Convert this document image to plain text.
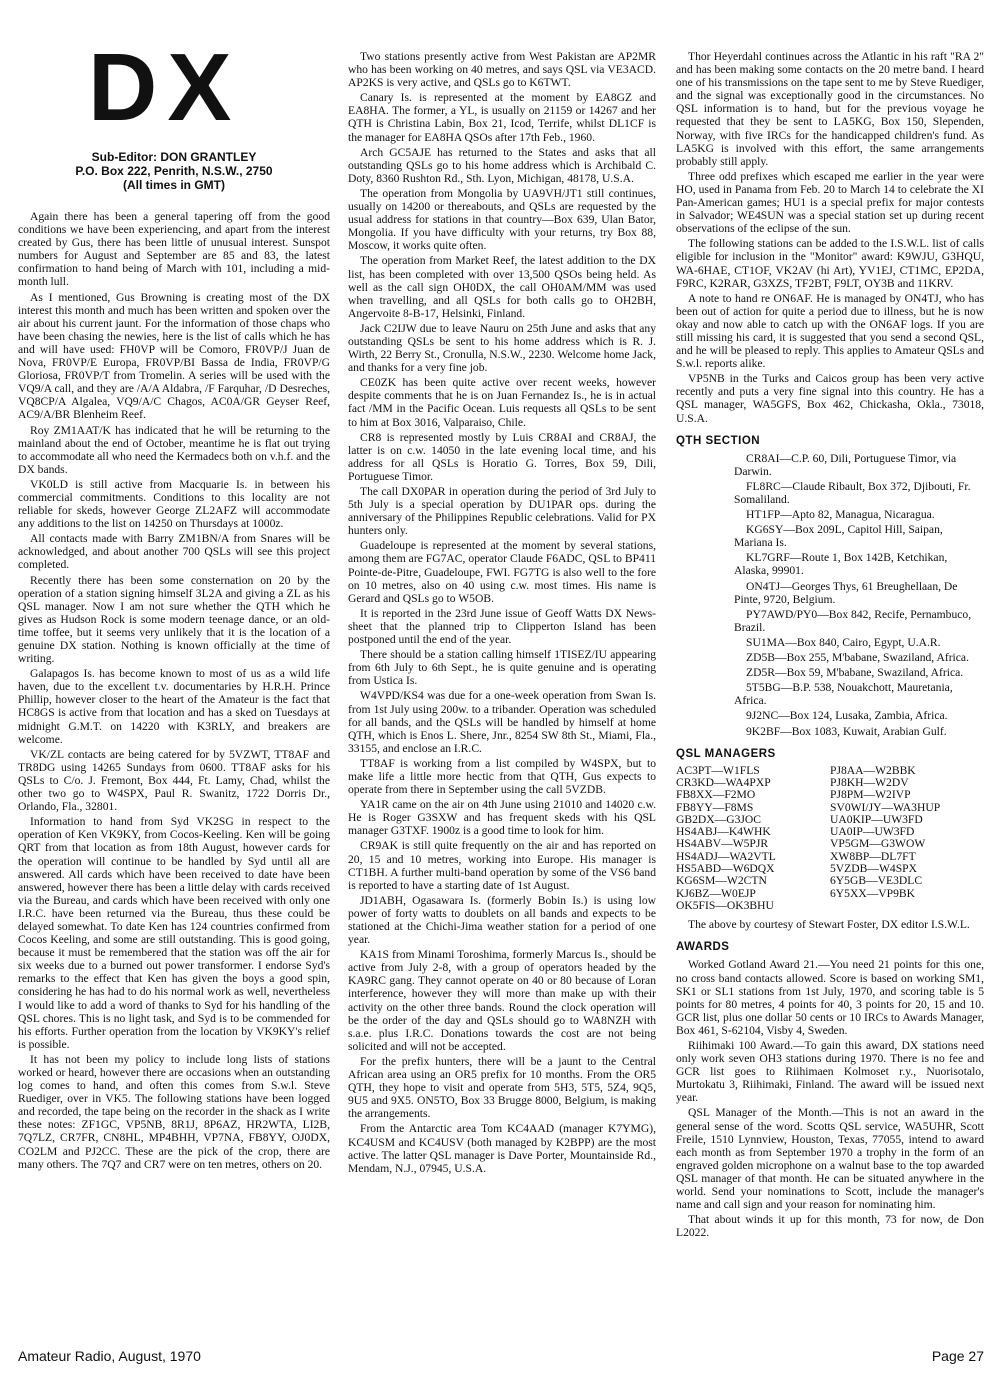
DX
Sub-Editor: DON GRANTLEY
P.O. Box 222, Penrith, N.S.W., 2750
(All times in GMT)

Again there has been a general tapering off from the good conditions we have been experiencing, and apart from the interest created by Gus, there has been little of unusual interest. Sunspot numbers for August and September are 85 and 83, the latest confirmation to hand being of March with 101, including a mid-month lull.

As I mentioned, Gus Browning is creating most of the DX interest this month and much has been written and spoken over the air about his current jaunt. For the information of those chaps who have been chasing the newies, here is the list of calls which he has and will have used: FH0VP will be Comoro, FR0VP/J Juan de Nova, FR0VP/E Europa, FR0VP/BI Bassa de India, FR0VP/G Gloriosa, FR0VP/T from Tromelin. A series will be used with the VQ9/A call, and they are /A/A Aldabra, /F Farquhar, /D Desreches, VQ8CP/A Algalea, VQ9/A/C Chagos, AC0A/GR Geyser Reef, AC9/A/BR Blenheim Reef.

Roy ZM1AAT/K has indicated that he will be returning to the mainland about the end of October, meantime he is flat out trying to accommodate all who need the Kermadecs both on v.h.f. and the DX bands.

VK0LD is still active from Macquarie Is. in between his commercial commitments. Conditions to this locality are not reliable for skeds, however George ZL2AFZ will accommodate any additions to the list on 14250 on Thursdays at 1000z.

All contacts made with Barry ZM1BN/A from Snares will be acknowledged, and about another 700 QSLs will see this project completed.

Recently there has been some consternation on 20 by the operation of a station signing himself 3L2A and giving a ZL as his QSL manager. Now I am not sure whether the QTH which he gives as Hudson Rock is some modern teenage dance, or an old-time toffee, but it seems very unlikely that it is the location of a genuine DX station. Nothing is known officially at the time of writing.

Galapagos Is. has become known to most of us as a wild life haven, due to the excellent t.v. documentaries by H.R.H. Prince Phillip, however closer to the heart of the Amateur is the fact that HC8GS is active from that location and has a sked on Tuesdays at midnight G.M.T. on 14220 with K3RLY, and breakers are welcome.

VK/ZL contacts are being catered for by 5VZWT, TT8AF and TR8DG using 14265 Sundays from 0600. TT8AF asks for his QSLs to C/o. J. Fremont, Box 444, Ft. Lamy, Chad, whilst the other two go to W4SPX, Paul R. Swanitz, 1722 Dorris Dr., Orlando, Fla., 32801.

Information to hand from Syd VK2SG in respect to the operation of Ken VK9KY, from Cocos-Keeling. Ken will be going QRT from that location as from 18th August, however cards for the operation will continue to be handled by Syd until all are answered. All cards which have been received to date have been answered, however there has been a little delay with cards received via the Bureau, and cards which have been received with only one I.R.C. have been returned via the Bureau, thus these could be delayed somewhat. To date Ken has 124 countries confirmed from Cocos Keeling, and some are still outstanding. This is good going, because it must be remembered that the station was off the air for six weeks due to a burned out power transformer. I endorse Syd's remarks to the effect that Ken has given the boys a good spin, considering he has had to do his normal work as well, nevertheless I would like to add a word of thanks to Syd for his handling of the QSL chores. This is no light task, and Syd is to be commended for his efforts. Further operation from the location by VK9KY's relief is possible.

It has not been my policy to include long lists of stations worked or heard, however there are occasions when an outstanding log comes to hand, and often this comes from S.w.l. Steve Ruediger, over in VK5. The following stations have been logged and recorded, the tape being on the recorder in the shack as I write these notes: ZF1GC, VP5NB, 8R1J, 8P6AZ, HR2WTA, LI2B, 7Q7LZ, CR7FR, CN8HL, MP4BHH, VP7NA, FB8YY, OJ0DX, CO2LM and PJ2CC. These are the pick of the crop, there are many others. The 7Q7 and CR7 were on ten metres, others on 20.

Two stations presently active from West Pakistan are AP2MR who has been working on 40 metres, and says QSL via VE3ACD. AP2KS is very active, and QSLs go to K6TWT.

Canary Is. is represented at the moment by EA8GZ and EA8HA. The former, a YL, is usually on 21159 or 14267 and her QTH is Christina Labin, Box 21, Icod, Terrife, whilst DL1CF is the manager for EA8HA QSOs after 17th Feb., 1960.

Arch GC5AJE has returned to the States and asks that all outstanding QSLs go to his home address which is Archibald C. Doty, 8360 Rushton Rd., Sth. Lyon, Michigan, 48178, U.S.A.

The operation from Mongolia by UA9VH/JT1 still continues, usually on 14200 or thereabouts, and QSLs are requested by the usual address for stations in that country—Box 639, Ulan Bator, Mongolia. If you have difficulty with your returns, try Box 88, Moscow, it works quite often.

The operation from Market Reef, the latest addition to the DX list, has been completed with over 13,500 QSOs being held. As well as the call sign OH0DX, the call OH0AM/MM was used when travelling, and all QSLs for both calls go to OH2BH, Angervoite 8-B-17, Helsinki, Finland.

Jack C2IJW due to leave Nauru on 25th June and asks that any outstanding QSLs be sent to his home address which is R. J. Wirth, 22 Berry St., Cronulla, N.S.W., 2230. Welcome home Jack, and thanks for a very fine job.

CE0ZK has been quite active over recent weeks, however despite comments that he is on Juan Fernandez Is., he is in actual fact /MM in the Pacific Ocean. Luis requests all QSLs to be sent to him at Box 3016, Valparaiso, Chile.

CR8 is represented mostly by Luis CR8AI and CR8AJ, the latter is on c.w. 14050 in the late evening local time, and his address for all QSLs is Horatio G. Torres, Box 59, Dili, Portuguese Timor.

The call DX0PAR in operation during the period of 3rd July to 5th July is a special operation by DU1PAR ops. during the anniversary of the Philippines Republic celebrations. Valid for PX hunters only.

Guadeloupe is represented at the moment by several stations, among them are FG7AC, operator Claude F6ADC, QSL to BP411 Pointe-de-Pitre, Guadeloupe, FWI. FG7TG is also well to the fore on 10 metres, also on 40 using c.w. most times. His name is Gerard and QSLs go to W5OB.

It is reported in the 23rd June issue of Geoff Watts DX News-sheet that the planned trip to Clipperton Island has been postponed until the end of the year.

There should be a station calling himself 1TISEZ/IU appearing from 6th July to 6th Sept., he is quite genuine and is operating from Ustica Is.

W4VPD/KS4 was due for a one-week operation from Swan Is. from 1st July using 200w. to a tribander. Operation was scheduled for all bands, and the QSLs will be handled by himself at home QTH, which is Enos L. Shere, Jnr., 8254 SW 8th St., Miami, Fla., 33155, and enclose an I.R.C.

TT8AF is working from a list compiled by W4SPX, but to make life a little more hectic from that QTH, Gus expects to operate from there in September using the call 5VZDB.

YA1R came on the air on 4th June using 21010 and 14020 c.w. He is Roger G3SXW and has frequent skeds with his QSL manager G3TXF. 1900z is a good time to look for him.

CR9AK is still quite frequently on the air and has reported on 20, 15 and 10 metres, working into Europe. His manager is CT1BH. A further multi-band operation by some of the VS6 band is reported to have a starting date of 1st August.

JD1ABH, Ogasawara Is. (formerly Bobin Is.) is using low power of forty watts to doublets on all bands and expects to be stationed at the Chichi-Jima weather station for a period of one year.

KA1S from Minami Toroshima, formerly Marcus Is., should be active from July 2-8, with a group of operators headed by the KA9RC gang. They cannot operate on 40 or 80 because of Loran interference, however they will more than make up with their activity on the other three bands. Round the clock operation will be the order of the day and QSLs should go to WA8NZH with s.a.e. plus I.R.C. Donations towards the cost are not being solicited and will not be accepted.

For the prefix hunters, there will be a jaunt to the Central African area using an OR5 prefix for 10 months. From the OR5 QTH, they hope to visit and operate from 5H3, 5T5, 5Z4, 9Q5, 9U5 and 9X5. ON5TO, Box 33 Brugge 8000, Belgium, is making the arrangements.

From the Antarctic area Tom KC4AAD (manager K7YMG), KC4USM and KC4USV (both managed by K2BPP) are the most active. The latter QSL manager is Dave Porter, Mountainside Rd., Mendam, N.J., 07945, U.S.A.

Thor Heyerdahl continues across the Atlantic in his raft "RA 2" and has been making some contacts on the 20 metre band. I heard one of his transmissions on the tape sent to me by Steve Ruediger, and the signal was exceptionally good in the circumstances. No QSL information is to hand, but for the previous voyage he requested that they be sent to LA5KG, Box 150, Slependen, Norway, with five IRCs for the handicapped children's fund. As LA5KG is involved with this effort, the same arrangements probably still apply.

Three odd prefixes which escaped me earlier in the year were HO, used in Panama from Feb. 20 to March 14 to celebrate the XI Pan-American games; HU1 is a special prefix for major contests in Salvador; WE4SUN was a special station set up during recent observations of the eclipse of the sun.

The following stations can be added to the I.S.W.L. list of calls eligible for inclusion in the "Monitor" award: K9WJU, G3HQU, WA-6HAE, CT1OF, VK2AV (hi Art), YV1EJ, CT1MC, EP2DA, F9RC, K2RAR, G3XZS, TF2BT, F9LT, OY3B and 11KRV.

A note to hand re ON6AF. He is managed by ON4TJ, who has been out of action for quite a period due to illness, but he is now okay and now able to catch up with the ON6AF logs. If you are still missing his card, it is suggested that you send a second QSL, and he will be pleased to reply. This applies to Amateur QSLs and S.w.l. reports alike.

VP5NB in the Turks and Caicos group has been very active recently and puts a very fine signal into this country. He has a QSL manager, WA5GFS, Box 462, Chickasha, Okla., 73018, U.S.A.

QTH SECTION

CR8AI—C.P. 60, Dili, Portuguese Timor, via Darwin.

FL8RC—Claude Ribault, Box 372, Djibouti, Fr. Somaliland.

HT1FP—Apto 82, Managua, Nicaragua.

KG6SY—Box 209L, Capitol Hill, Saipan, Mariana Is.

KL7GRF—Route 1, Box 142B, Ketchikan, Alaska, 99901.

ON4TJ—Georges Thys, 61 Breughellaan, De Pinte, 9720, Belgium.

PY7AWD/PY0—Box 842, Recife, Pernambuco, Brazil.

SU1MA—Box 840, Cairo, Egypt, U.A.R.

ZD5B—Box 255, M'babane, Swaziland, Africa.

ZD5R—Box 59, M'babane, Swaziland, Africa.

5T5BG—B.P. 538, Nouakchott, Mauretania, Africa.

9J2NC—Box 124, Lusaka, Zambia, Africa.

9K2BF—Box 1083, Kuwait, Arabian Gulf.

QSL MANAGERS
AC3PT—W1FLS	PJ8AA—W2BBK
CR3KD—WA4PXP	PJ8KH—W2DV
FB8XX—F2MO	PJ8PM—W2IVP
FB8YY—F8MS	SV0WI/JY—WA3HUP
GB2DX—G3JOC	UA0KIP—UW3FD
HS4ABJ—K4WHK	UA0IP—UW3FD
HS4ABV—W5PJR	VP5GM—G3WOW
HS4ADJ—WA2VTL	XW8BP—DL7FT
HS5ABD—W6DQX	5VZDB—W4SPX
KG6SM—W2CTN	6Y5GB—VE3DLC
KJ6BZ—W0EJP	6Y5XX—VP9BK
OK5FIS—OK3BHU

The above by courtesy of Stewart Foster, DX editor I.S.W.L.

AWARDS

Worked Gotland Award 21.—You need 21 points for this one, no cross band contacts allowed. Score is based on working SM1, SK1 or SL1 stations from 1st July, 1970, and scoring table is 5 points for 80 metres, 4 points for 40, 3 points for 20, 15 and 10. GCR list, plus one dollar 50 cents or 10 IRCs to Awards Manager, Box 461, S-62104, Visby 4, Sweden.

Riihimaki 100 Award.—To gain this award, DX stations need only work seven OH3 stations during 1970. There is no fee and GCR list goes to Riihimaen Kolmoset r.y., Nuorisotalo, Murtokatu 3, Riihimaki, Finland. The award will be issued next year.

QSL Manager of the Month.—This is not an award in the general sense of the word. Scotts QSL service, WA5UHR, Scott Freile, 1510 Lynnview, Houston, Texas, 77055, intend to award each month as from September 1970 a trophy in the form of an engraved golden microphone on a walnut base to the top awarded QSL manager of that month. He can be situated anywhere in the world. Send your nominations to Scott, include the manager's name and call sign and your reason for nominating him.

That about winds it up for this month, 73 for now, de Don L2022.

Amateur Radio, August, 1970	Page 27
